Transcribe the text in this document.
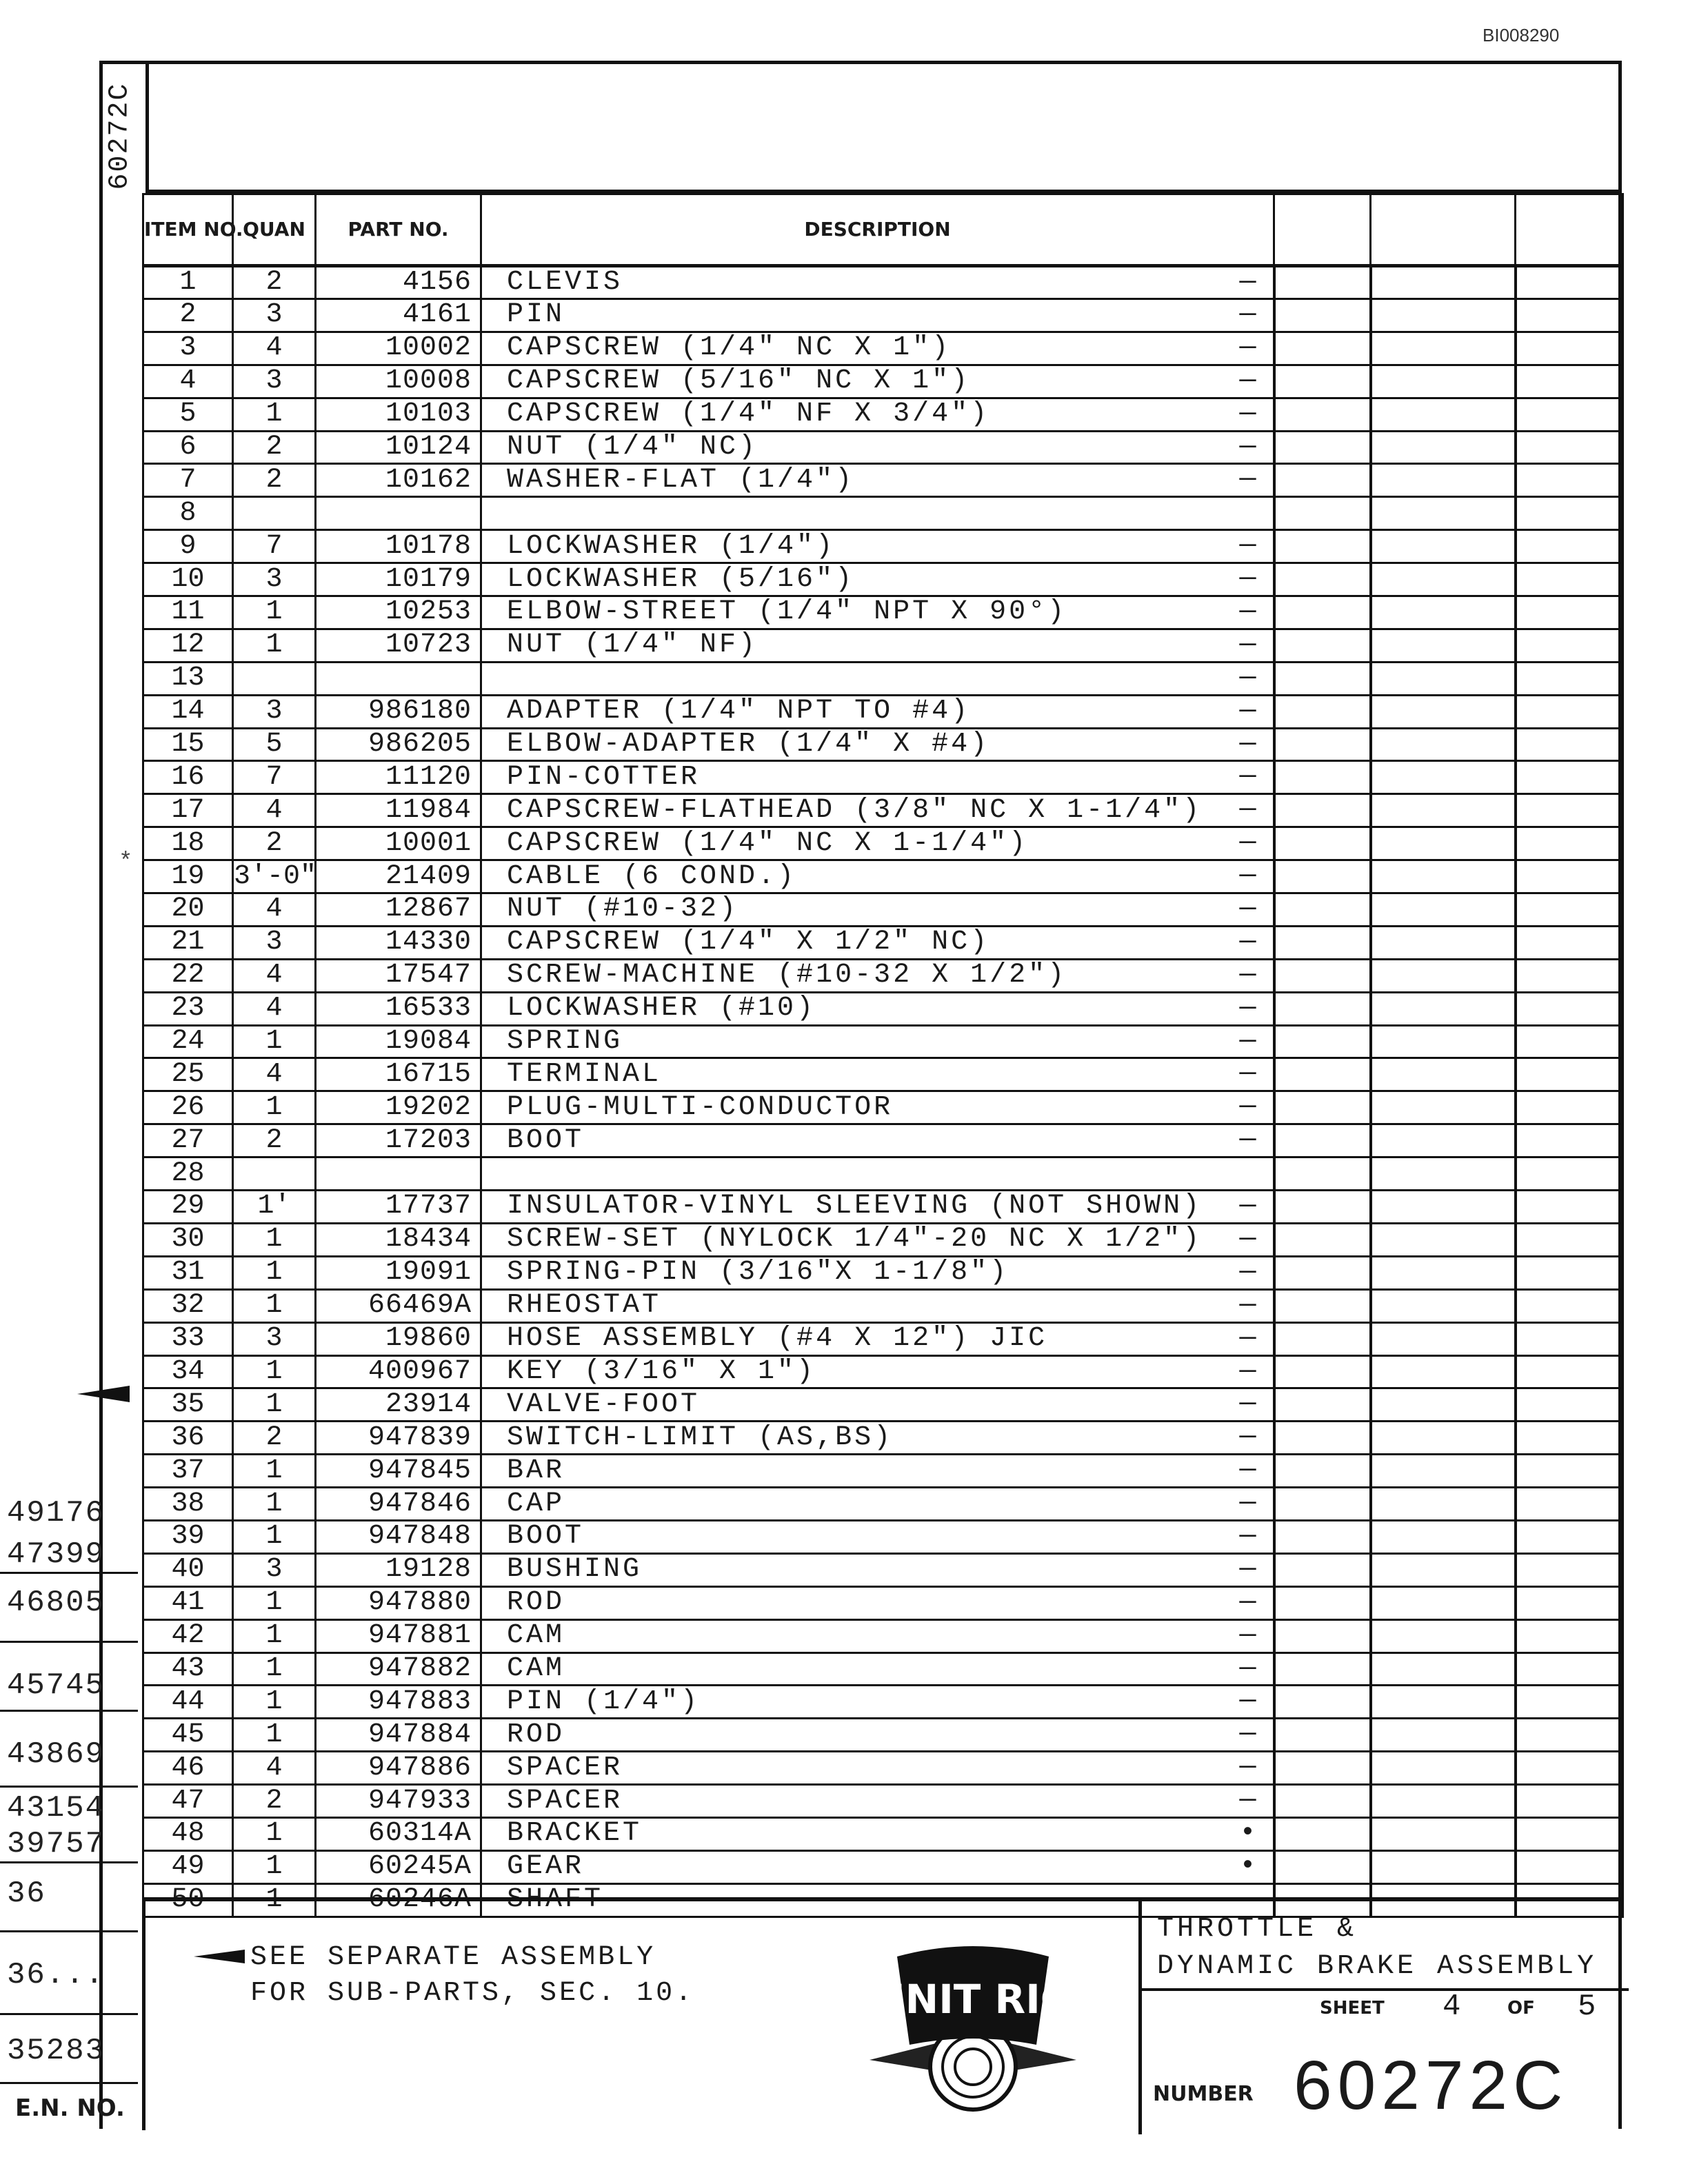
BI008290
60272C
*
ITEM NO.	QUAN	PART NO.	DESCRIPTION			
1	2	4156	CLEVIS —			

2	3	4161	PIN —			

3	4	10002	CAPSCREW (1/4" NC X 1") —			

4	3	10008	CAPSCREW (5/16" NC X 1") —			

5	1	10103	CAPSCREW (1/4" NF X 3/4") —			

6	2	10124	NUT (1/4" NC) —			

7	2	10162	WASHER-FLAT (1/4") —			

8			

9	7	10178	LOCKWASHER (1/4") —			

10	3	10179	LOCKWASHER (5/16") —			

11	1	10253	ELBOW-STREET (1/4" NPT X 90°) —			

12	1	10723	NUT (1/4" NF) —			

13			—			

14	3	986180	ADAPTER (1/4" NPT TO #4) —			

15	5	986205	ELBOW-ADAPTER (1/4" X #4) —			

16	7	11120	PIN-COTTER —			

17	4	11984	CAPSCREW-FLATHEAD (3/8" NC X 1-1/4") —			

18	2	10001	CAPSCREW (1/4" NC X 1-1/4") —			

19	3'-0"	21409	CABLE (6 COND.) —			

20	4	12867	NUT (#10-32) —			

21	3	14330	CAPSCREW (1/4" X 1/2" NC) —			

22	4	17547	SCREW-MACHINE (#10-32 X 1/2") —			

23	4	16533	LOCKWASHER (#10) —			

24	1	19084	SPRING —			

25	4	16715	TERMINAL —			

26	1	19202	PLUG-MULTI-CONDUCTOR —			

27	2	17203	BOOT —			

28			

29	1'	17737	INSULATOR-VINYL SLEEVING (NOT SHOWN) —			

30	1	18434	SCREW-SET (NYLOCK 1/4"-20 NC X 1/2") —			

31	1	19091	SPRING-PIN (3/16"X 1-1/8") —			

32	1	66469A	RHEOSTAT —			

33	3	19860	HOSE ASSEMBLY (#4 X 12") JIC —			

34	1	400967	KEY (3/16" X 1") —			

35	1	23914	VALVE-FOOT —			

36	2	947839	SWITCH-LIMIT (AS,BS) —			

37	1	947845	BAR —			

38	1	947846	CAP —			

39	1	947848	BOOT —			

40	3	19128	BUSHING —			

41	1	947880	ROD —			

42	1	947881	CAM —			

43	1	947882	CAM —			

44	1	947883	PIN (1/4") —			

45	1	947884	ROD —			

46	4	947886	SPACER —			

47	2	947933	SPACER —			

48	1	60314A	BRACKET •			

49	1	60245A	GEAR •			

50	1	60246A	SHAFT —			

49176
47399
46805
45745
43869
43154
39757
36
36...
35283
E.N. NO.
SEE SEPARATE ASSEMBLY
FOR SUB-PARTS, SEC. 10.	UNIT RIG
THROTTLE &
DYNAMIC BRAKE ASSEMBLY
SHEET 4	OF 5
NUMBER 60272C
